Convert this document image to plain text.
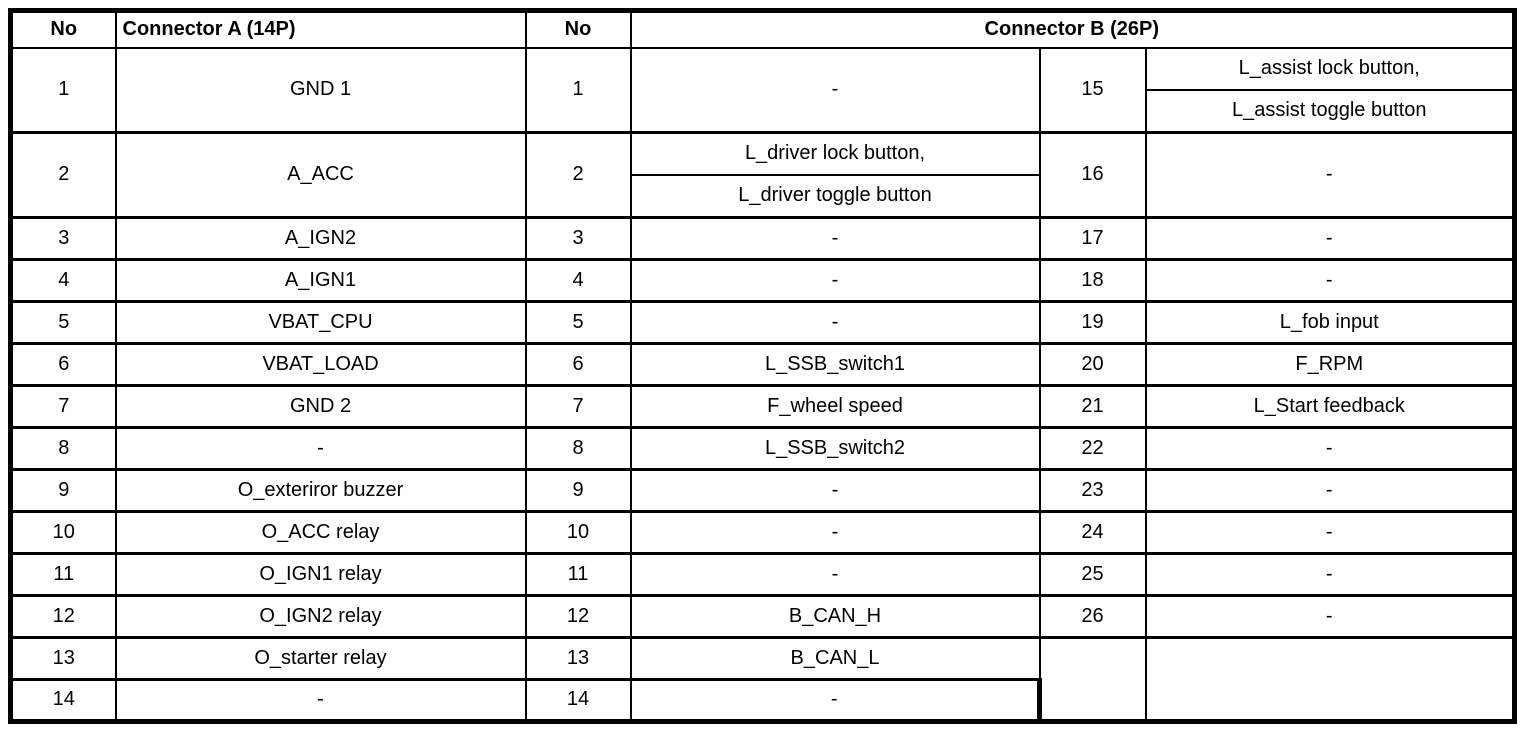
No	Connector A (14P)	No	Connector B (26P)		
1	GND 1	1	-	15	L_assist lock button,
L_assist toggle button

2	A_ACC	2	L_driver lock button,
L_driver toggle button	16	-
3	A_IGN2	3	-	17	-
4	A_IGN1	4	-	18	-
5	VBAT_CPU	5	-	19	L_fob input
6	VBAT_LOAD	6	L_SSB_switch1	20	F_RPM
7	GND 2	7	F_wheel speed	21	L_Start feedback
8	-	8	L_SSB_switch2	22	-
9	O_exteriror buzzer	9	-	23	-
10	O_ACC relay	10	-	24	-
11	O_IGN1 relay	11	-	25	-
12	O_IGN2 relay	12	B_CAN_H	26	-
13	O_starter relay	13	B_CAN_L		
14	-	14	-		
